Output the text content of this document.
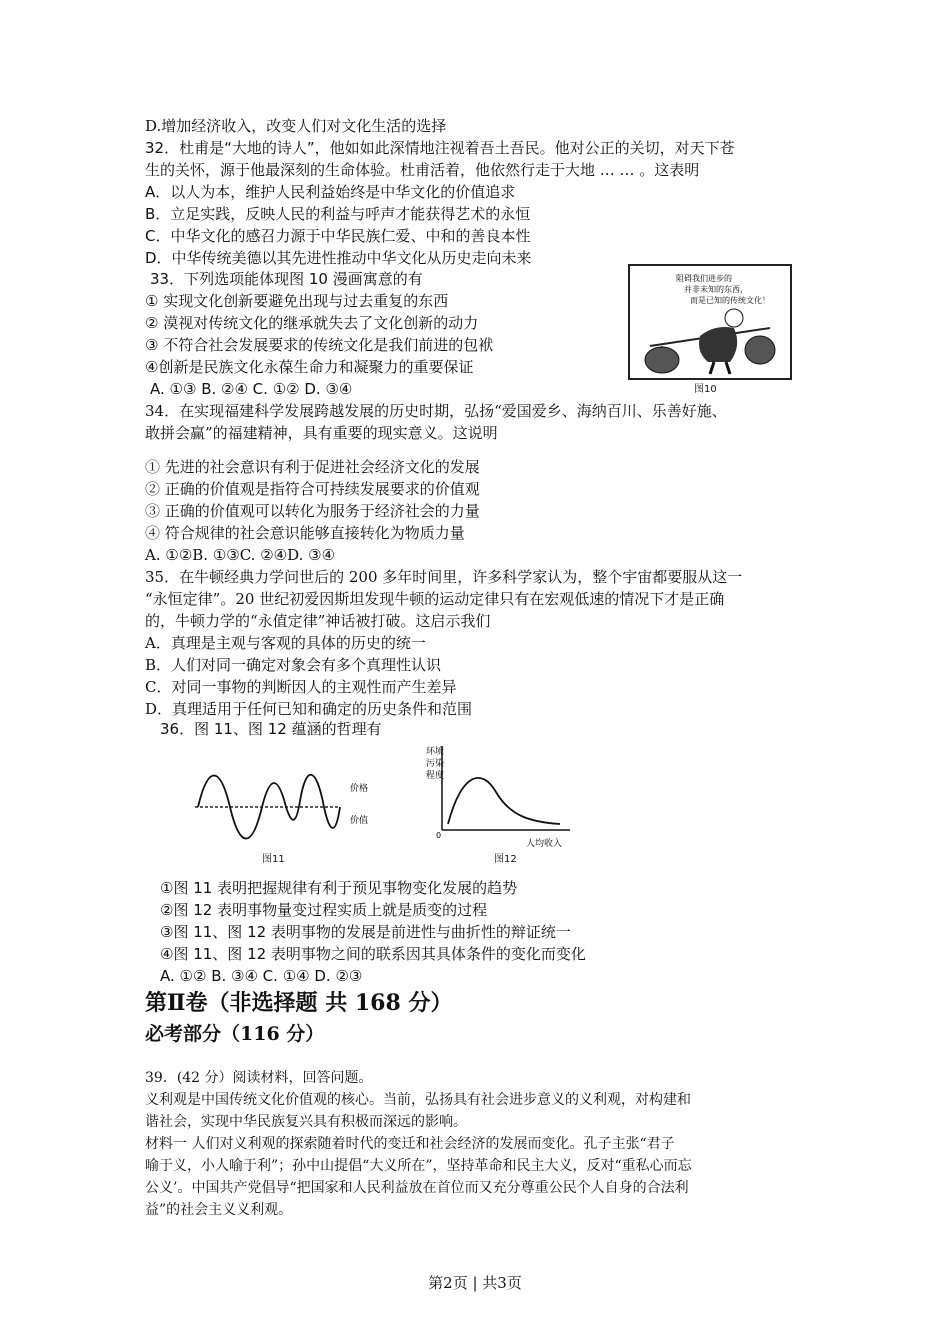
D.增加经济收入，改变人们对文化生活的选择
32．杜甫是“大地的诗人”，他如如此深情地注视着吾土吾民。他对公正的关切，对天下苍
生的关怀，源于他最深刻的生命体验。杜甫活着，他依然行走于大地 … … 。这表明
A．以人为本，维护人民利益始终是中华文化的价值追求
B．立足实践，反映人民的利益与呼声才能获得艺术的永恒
C．中华文化的感召力源于中华民族仁爱、中和的善良本性
D．中华传统美德以其先进性推动中华文化从历史走向未来
33．下列选项能体现图 10 漫画寓意的有
① 实现文化创新要避免出现与过去重复的东西
② 漠视对传统文化的继承就失去了文化创新的动力
③ 不符合社会发展要求的传统文化是我们前进的包袱
④创新是民族文化永葆生命力和凝聚力的重要保证
A. ①③ B. ②④ C. ①② D. ③④
阻碍我们进步的
并非未知的东西，
而是已知的传统文化！
图10
34．在实现福建科学发展跨越发展的历史时期，弘扬“爱国爱乡、海纳百川、乐善好施、
敢拼会赢”的福建精神，具有重要的现实意义。这说明
① 先进的社会意识有利于促进社会经济文化的发展
② 正确的价值观是指符合可持续发展要求的价值观
③ 正确的价值观可以转化为服务于经济社会的力量
④ 符合规律的社会意识能够直接转化为物质力量
A. ①②B. ①③C. ②④D. ③④
35．在牛顿经典力学问世后的 200 多年时间里，许多科学家认为，整个宇宙都要服从这一
“永恒定律”。20 世纪初爱因斯坦发现牛顿的运动定律只有在宏观低速的情况下才是正确
的，牛顿力学的“永值定律”神话被打破。这启示我们
A．真理是主观与客观的具体的历史的统一
B．人们对同一确定对象会有多个真理性认识
C．对同一事物的判断因人的主观性而产生差异
D．真理适用于任何已知和确定的历史条件和范围
36．图 11、图 12 蕴涵的哲理有
价格
价值
图11
环境
污染
程度
0
人均收入
图12
①图 11 表明把握规律有利于预见事物变化发展的趋势
②图 12 表明事物量变过程实质上就是质变的过程
③图 11、图 12 表明事物的发展是前进性与曲折性的辩证统一
④图 11、图 12 表明事物之间的联系因其具体条件的变化而变化
A. ①② B. ③④ C. ①④ D. ②③
第Ⅱ卷（非选择题 共 168 分）
必考部分（116 分）
39．(42 分）阅读材料，回答问题。
义利观是中国传统文化价值观的核心。当前，弘扬具有社会进步意义的义利观，对构建和
谐社会，实现中华民族复兴具有积极而深远的影响。
材料一 人们对义利观的探索随着时代的变迁和社会经济的发展而变化。孔子主张“君子
喻于义，小人喻于利”；孙中山提倡“大义所在”，坚持革命和民主大义，反对“重私心而忘
公义’。中国共产党倡导“把国家和人民利益放在首位而又充分尊重公民个人自身的合法利
益”的社会主义义利观。
第2页 | 共3页
